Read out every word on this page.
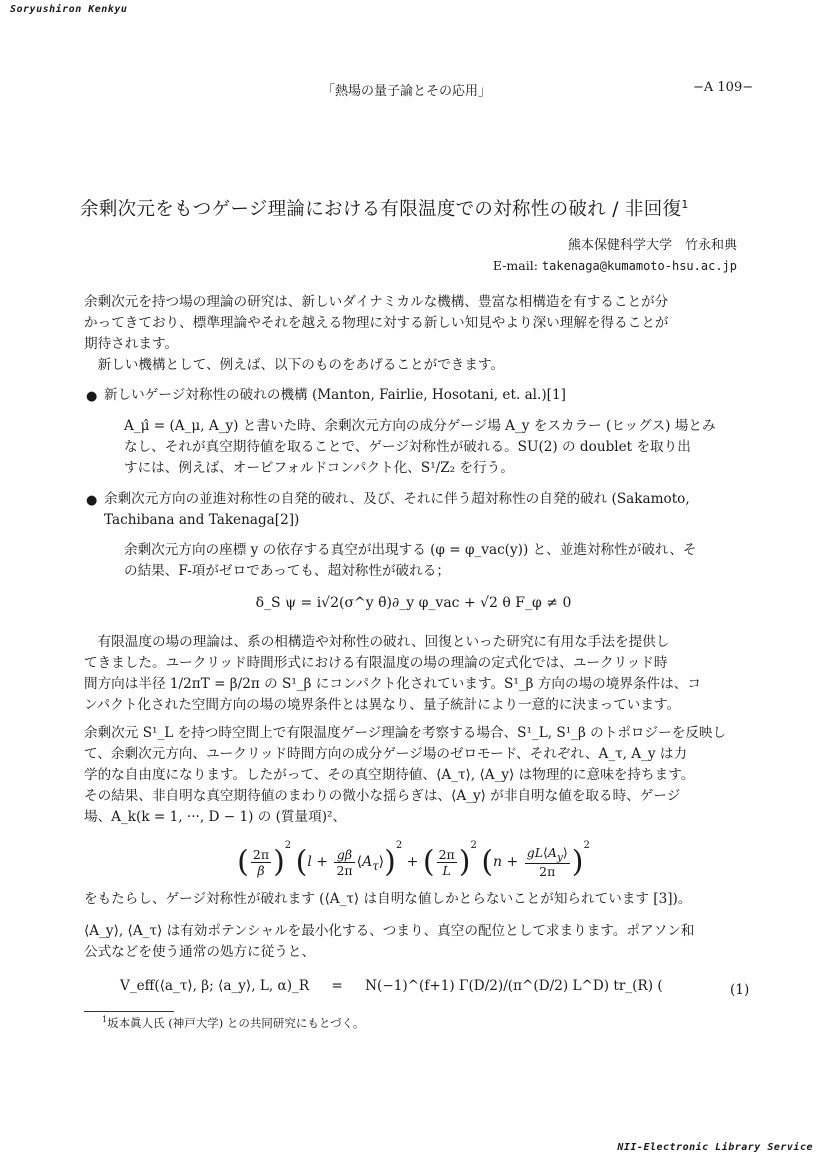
Soryushiron Kenkyu
「熱場の量子論とその応用」	−A 109−
余剰次元をもつゲージ理論における有限温度での対称性の破れ / 非回復$^1$
熊本保健科学大学　竹永和典
E-mail: takenaga@kumamoto-hsu.ac.jp
余剰次元を持つ場の理論の研究は、新しいダイナミカルな機構、豊富な相構造を有することが分
かってきており、標準理論やそれを越える物理に対する新しい知見やより深い理解を得ることが
期待されます。
新しい機構として、例えば、以下のものをあげることができます。
● 新しいゲージ対称性の破れの機構 (Manton, Fairlie, Hosotani, et. al.)[1]
A_μ̂ = (A_μ, A_y) と書いた時、余剰次元方向の成分ゲージ場 A_y をスカラー (ヒッグス) 場とみ
なし、それが真空期待値を取ることで、ゲージ対称性が破れる。SU(2) の doublet を取り出
すには、例えば、オービフォルドコンパクト化、S¹/Z₂ を行う。
● 余剰次元方向の並進対称性の自発的破れ、及び、それに伴う超対称性の自発的破れ (Sakamoto,
Tachibana and Takenaga[2])
余剰次元方向の座標 y の依存する真空が出現する (φ = φ_vac(y)) と、並進対称性が破れ、そ
の結果、F-項がゼロであっても、超対称性が破れる；
δ_S ψ = i√2(σ^y θ̄)∂_y φ_vac + √2 θ F_φ ≠ 0
有限温度の場の理論は、系の相構造や対称性の破れ、回復といった研究に有用な手法を提供し
てきました。ユークリッド時間形式における有限温度の場の理論の定式化では、ユークリッド時
間方向は半径 1/2πT = β/2π の S¹_β にコンパクト化されています。S¹_β 方向の場の境界条件は、コ
ンパクト化された空間方向の場の境界条件とは異なり、量子統計により一意的に決まっています。
余剰次元 S¹_L を持つ時空間上で有限温度ゲージ理論を考察する場合、S¹_L, S¹_β のトポロジーを反映し
て、余剰次元方向、ユークリッド時間方向の成分ゲージ場のゼロモード、それぞれ、A_τ, A_y は力
学的な自由度になります。したがって、その真空期待値、⟨A_τ⟩, ⟨A_y⟩ は物理的に意味を持ちます。
その結果、非自明な真空期待値のまわりの微小な揺らぎは、⟨A_y⟩ が非自明な値を取る時、ゲージ
場、A_k(k = 1, ···, D − 1) の (質量項)²、
( $\frac{2\pi}{\beta} )^2$ ($l + \frac{g\beta}{2\pi}$ $⟨A_\tau⟩)^2$ + ( $\frac{2\pi}{L} )^2$ $(n + \frac{gL⟨A_y⟩}{2\pi} )^2$
をもたらし、ゲージ対称性が破れます (⟨A_τ⟩ は自明な値しかとらないことが知られています [3])。
⟨A_y⟩, ⟨A_τ⟩ は有効ポテンシャルを最小化する、つまり、真空の配位として求まります。ポアソン和
公式などを使う通常の処方に従うと、
V_eff(⟨a_τ⟩, β; ⟨a_y⟩, L, α)_R = N(−1)^(f+1) Γ(D/2)/(π^(D/2) L^D) tr_(R) (	(1)
$^1$坂本眞人氏 (神戸大学) との共同研究にもとづく。
NII-Electronic Library Service
